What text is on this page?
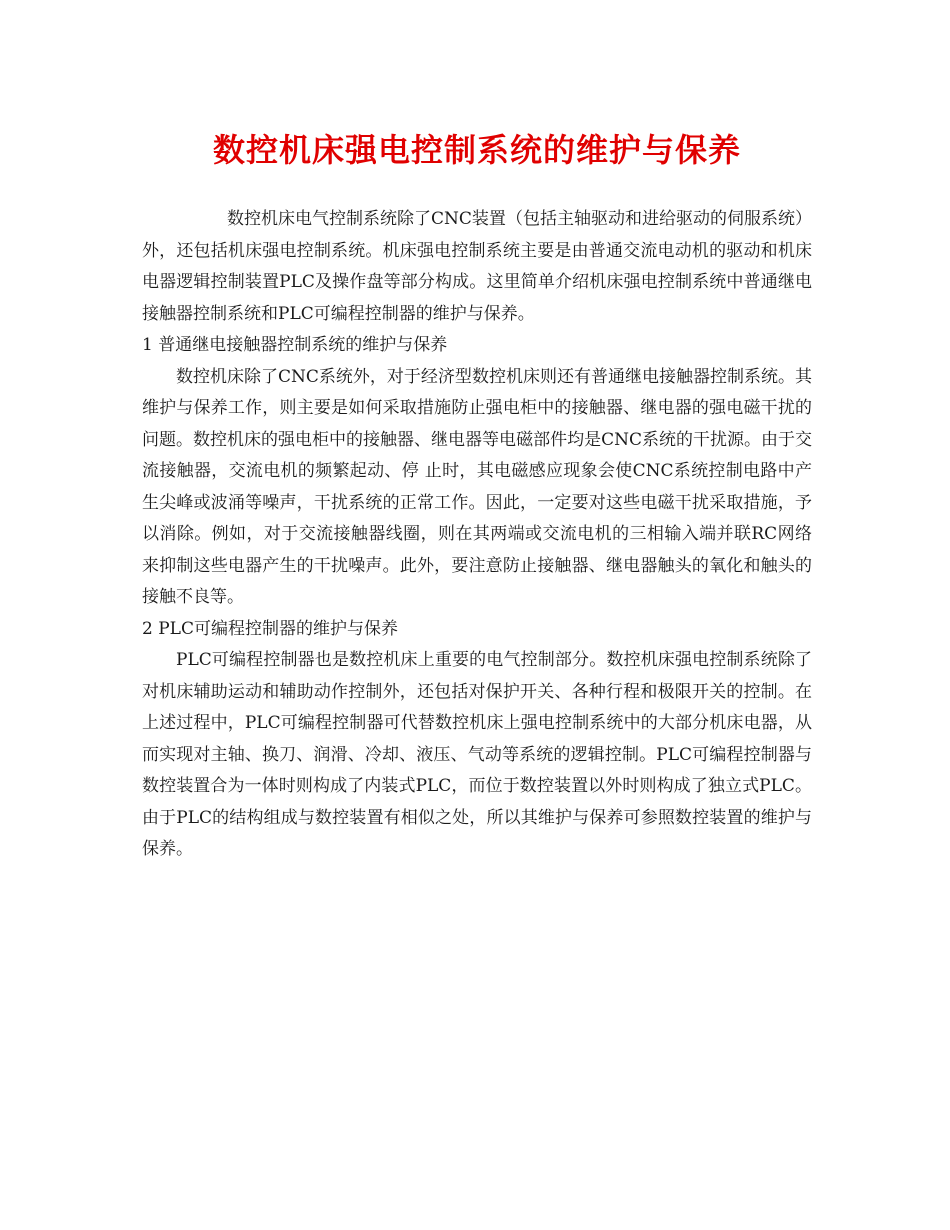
数控机床强电控制系统的维护与保养

数控机床电气控制系统除了CNC装置（包括主轴驱动和进给驱动的伺服系统）外，还包括机床强电控制系统。机床强电控制系统主要是由普通交流电动机的驱动和机床电器逻辑控制装置PLC及操作盘等部分构成。这里简单介绍机床强电控制系统中普通继电接触器控制系统和PLC可编程控制器的维护与保养。

1 普通继电接触器控制系统的维护与保养

数控机床除了CNC系统外，对于经济型数控机床则还有普通继电接触器控制系统。其维护与保养工作，则主要是如何采取措施防止强电柜中的接触器、继电器的强电磁干扰的问题。数控机床的强电柜中的接触器、继电器等电磁部件均是CNC系统的干扰源。由于交流接触器，交流电机的频繁起动、停 止时，其电磁感应现象会使CNC系统控制电路中产生尖峰或波涌等噪声，干扰系统的正常工作。因此，一定要对这些电磁干扰采取措施，予以消除。例如，对于交流接触器线圈，则在其两端或交流电机的三相输入端并联RC网络来抑制这些电器产生的干扰噪声。此外，要注意防止接触器、继电器触头的氧化和触头的接触不良等。

2 PLC可编程控制器的维护与保养

PLC可编程控制器也是数控机床上重要的电气控制部分。数控机床强电控制系统除了对机床辅助运动和辅助动作控制外，还包括对保护开关、各种行程和极限开关的控制。在上述过程中，PLC可编程控制器可代替数控机床上强电控制系统中的大部分机床电器，从而实现对主轴、换刀、润滑、冷却、液压、气动等系统的逻辑控制。PLC可编程控制器与数控装置合为一体时则构成了内装式PLC，而位于数控装置以外时则构成了独立式PLC。由于PLC的结构组成与数控装置有相似之处，所以其维护与保养可参照数控装置的维护与保养。
